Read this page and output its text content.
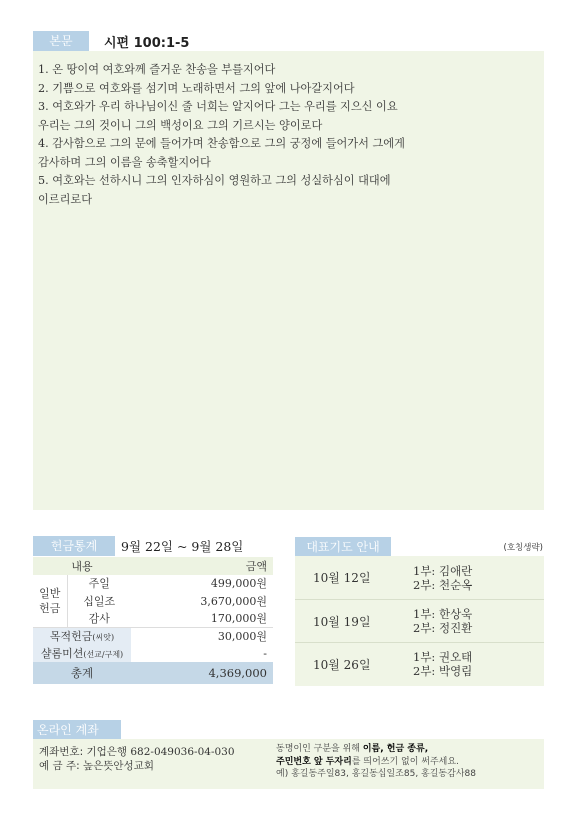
본문	시편 100:1-5
1. 온 땅이여 여호와께 즐거운 찬송을 부를지어다
2. 기쁨으로 여호와를 섬기며 노래하면서 그의 앞에 나아갈지어다
3. 여호와가 우리 하나님이신 줄 너희는 알지어다 그는 우리를 지으신 이요
우리는 그의 것이니 그의 백성이요 그의 기르시는 양이로다
4. 감사함으로 그의 문에 들어가며 찬송함으로 그의 궁정에 들어가서 그에게
감사하며 그의 이름을 송축할지어다
5. 여호와는 선하시니 그의 인자하심이 영원하고 그의 성실하심이 대대에
이르리로다
헌금통계	9월 22일 ~ 9월 28일
내용		금액
일반
헌금	주일	499,000원
	십일조	3,670,000원
	감사	170,000원
목적헌금(씨앗)		30,000원
샬롬미션(선교/구제)		-
총계		4,369,000
대표기도 안내	(호칭생략)
10월 12일
1부: 김애란
2부: 천순옥
10월 19일
1부: 한상욱
2부: 정진환
10월 26일
1부: 권오태
2부: 박영림
온라인 계좌
계좌번호: 기업은행 682-049036-04-030
예 금 주: 높은뜻안성교회
동명이인 구분을 위해 이름, 헌금 종류,
주민번호 앞 두자리를 띄어쓰기 없이 써주세요.
예) 홍길동주일83, 홍길동십일조85, 홍길동감사88
